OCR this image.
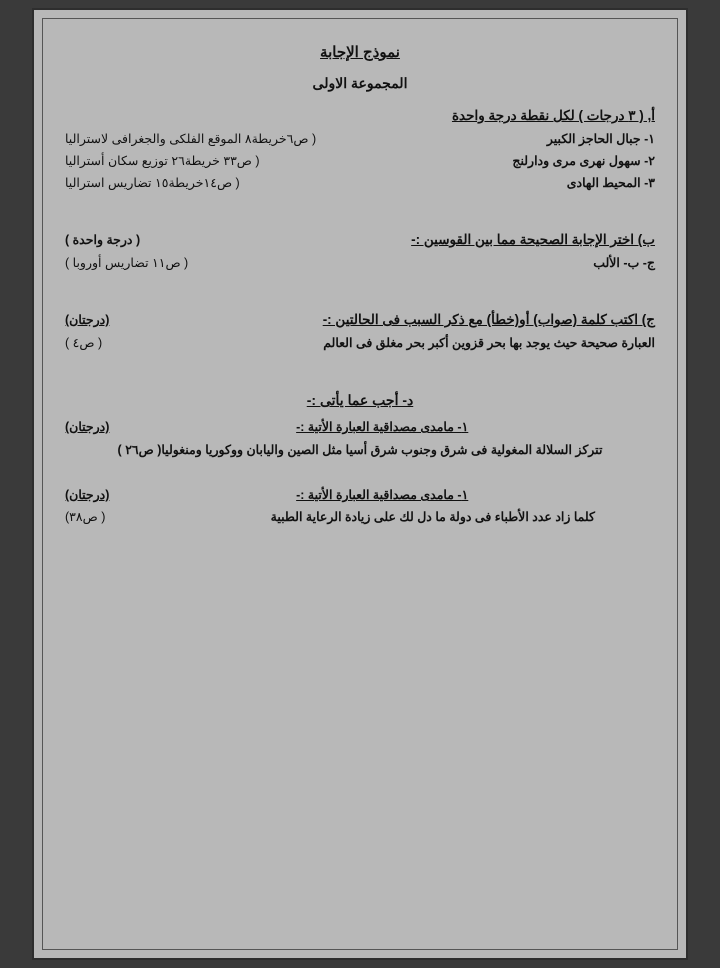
نموذج الإجابة
المجموعة الاولى
أ, ( ٣ درجات ) لكل نقطة درجة واحدة
١- جبال الحاجز الكبير
( ص٦خريطة٨ الموقع الفلكى والجغرافى لاستراليا
٢- سهول نهرى مرى ودارلنج
( ص٣٣ خريطة٢٦ توزيع سكان أستراليا
٣- المحيط الهادى
( ص١٤خريطة١٥ تضاريس استراليا
ب) اختر الإجابة الصحيحة مما بين القوسين :-
( درجة واحدة )
ج- ب- الألب
( ص١١ تضاريس أوروبا )
ج) اكتب كلمة (صواب) أو(خطأ) مع ذكر السبب فى الحالتين :-
(درجتان)
العبارة صحيحة حيث يوجد بها بحر قزوين أكبر بحر مغلق فى العالم
( ص٤ )
د- أجب عما يأتى :-
١- مامدى مصداقية العبارة الأتية :-
(درجتان)
تتركز السلالة المغولية فى شرق وجنوب شرق أسيا مثل الصين واليابان ووكوريا ومنغوليا( ص٢٦ )
١- مامدى مصداقية العبارة الأتية :-
(درجتان)
كلما زاد عدد الأطباء فى دولة ما دل لك على زيادة الرعاية الطبية
( ص٣٨)
